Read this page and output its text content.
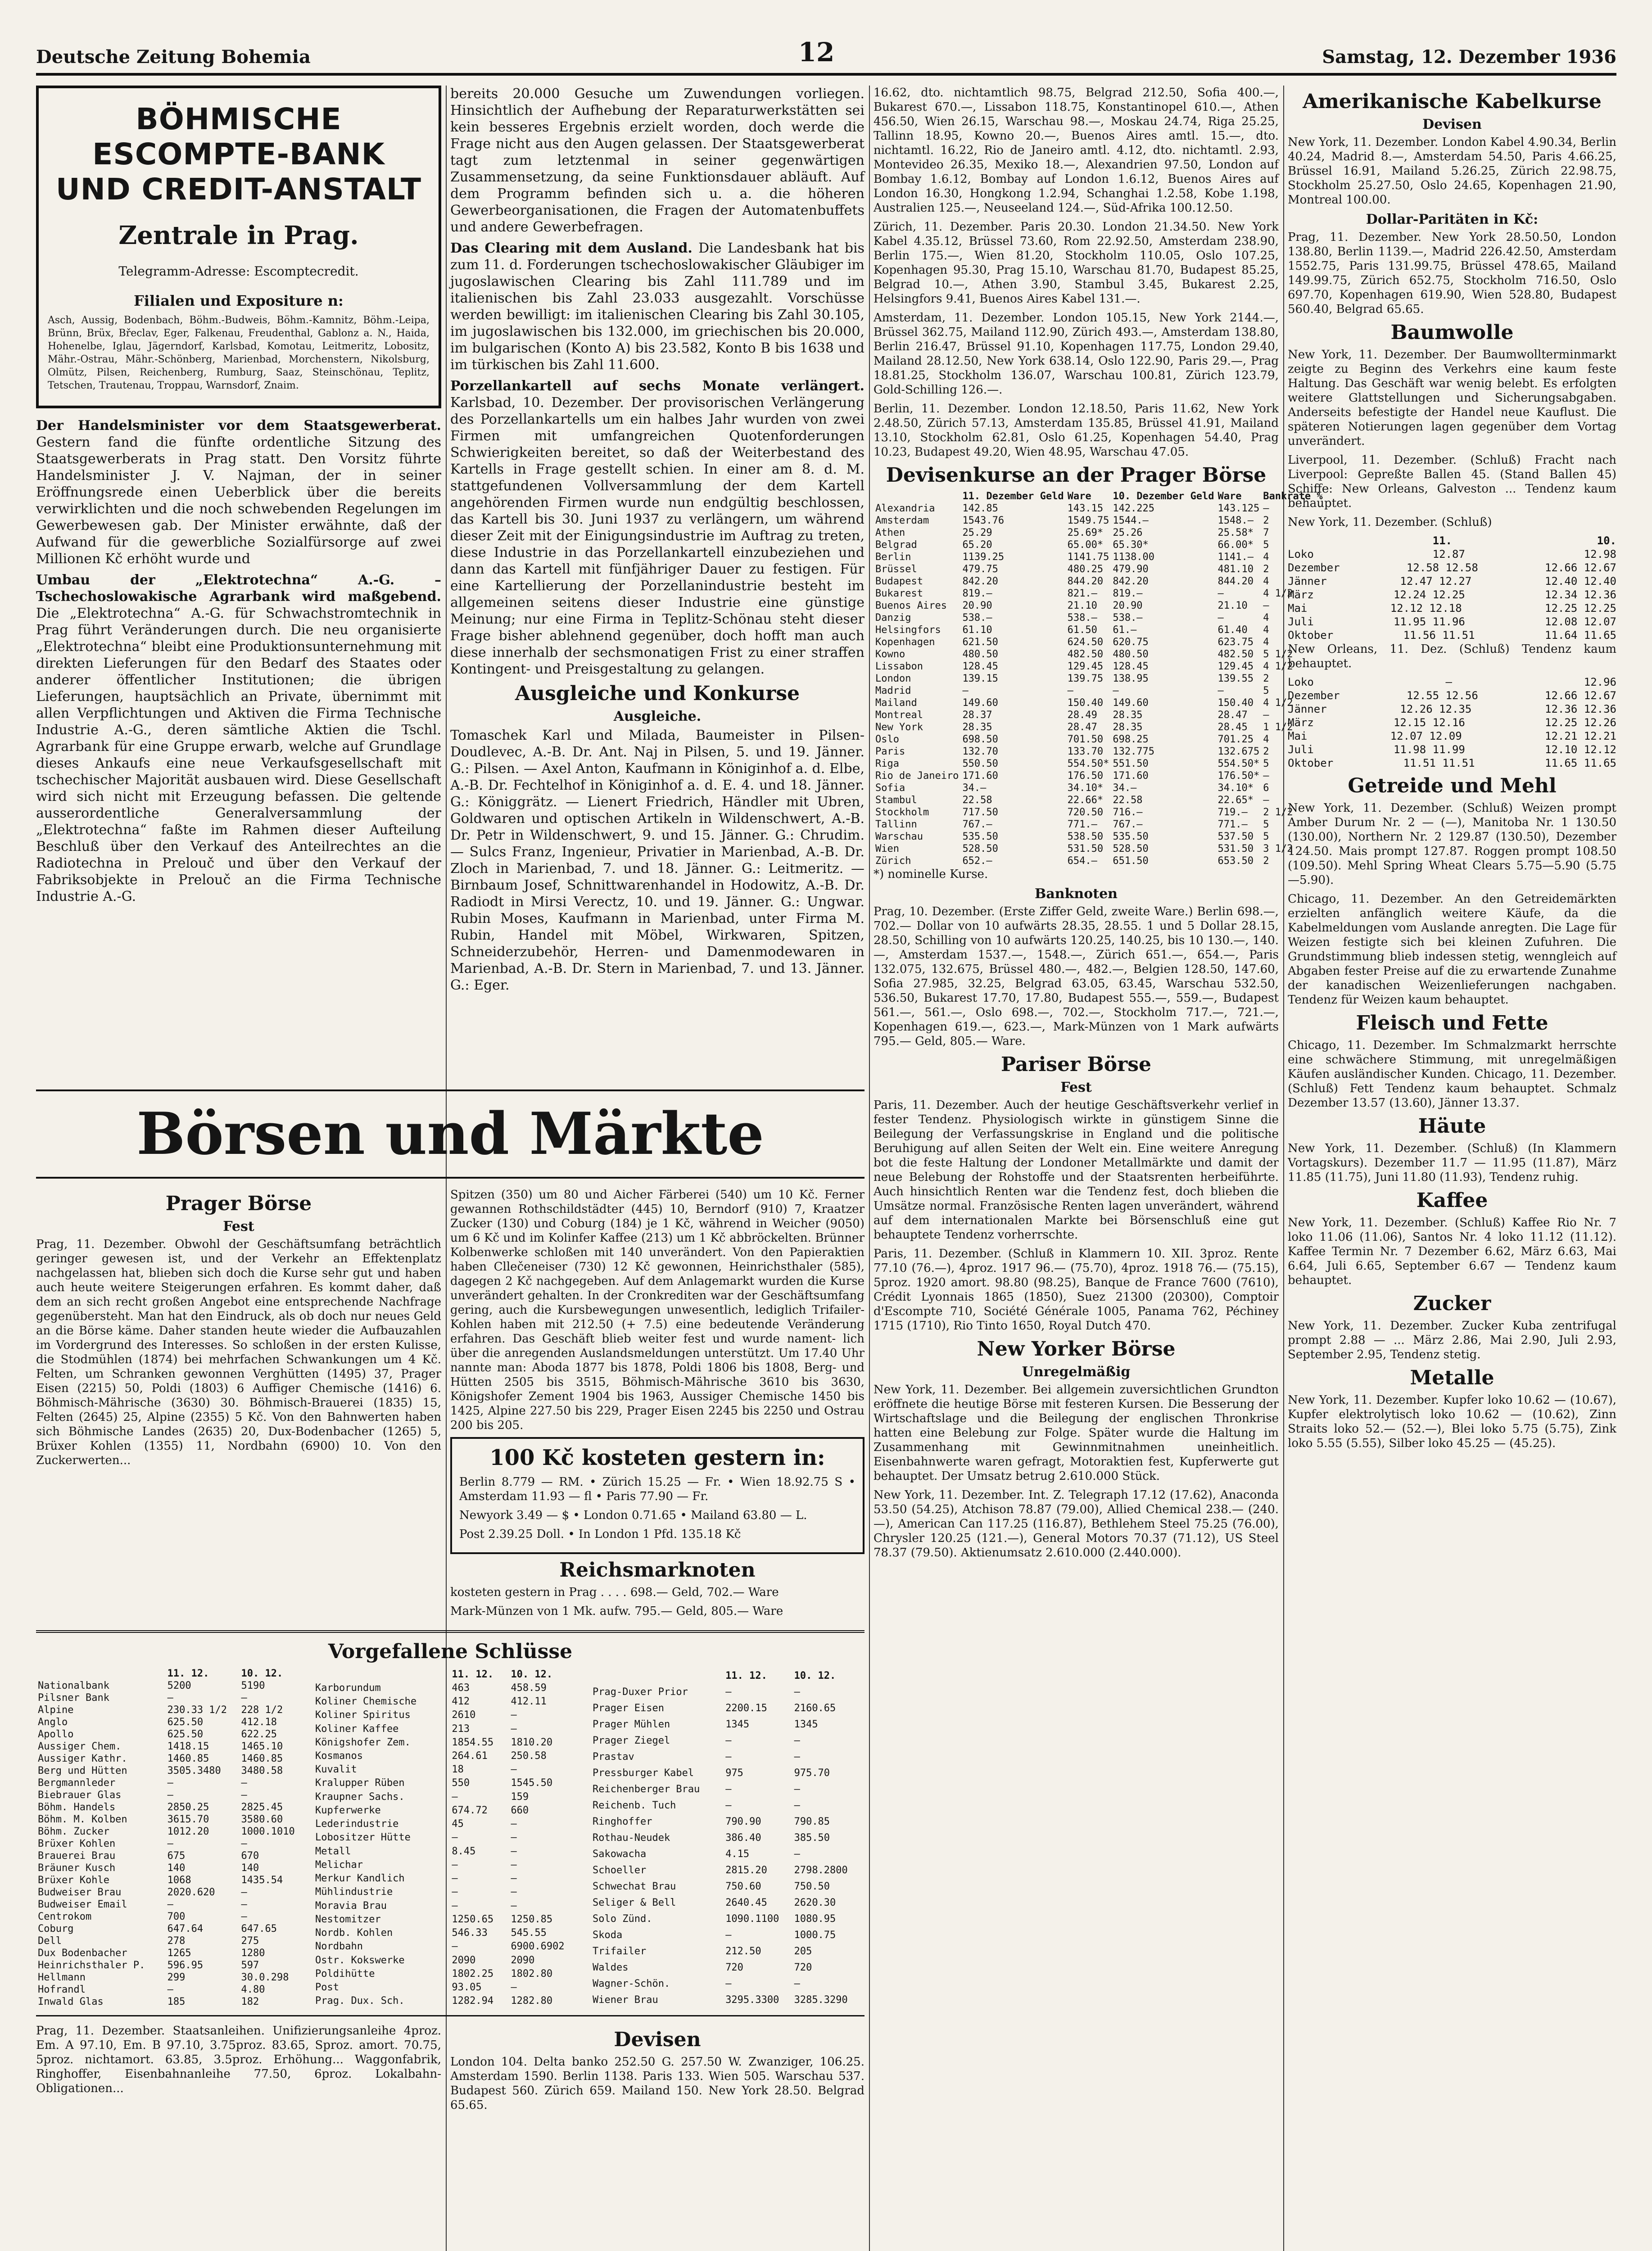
Deutsche Zeitung Bohemia	12	Samstag, 12. Dezember 1936
BÖHMISCHE ESCOMPTE-BANK
UND CREDIT-ANSTALT
Zentrale in Prag.
Telegramm-Adresse: Escomptecredit.
Filialen und Expositure n:
Asch, Aussig, Bodenbach, Böhm.-Budweis, Böhm.-Kamnitz, Böhm.-Leipa, Brünn, Brüx, Břeclav, Eger, Falkenau, Freudenthal, Gablonz a. N., Haida, Hohenelbe, Iglau, Jägerndorf, Karlsbad, Komotau, Leitmeritz, Lobositz, Mähr.-Ostrau, Mähr.-Schönberg, Marienbad, Morchenstern, Nikolsburg, Olmütz, Pilsen, Reichenberg, Rumburg, Saaz, Steinschönau, Teplitz, Tetschen, Trautenau, Troppau, Warnsdorf, Znaim.

Der Handelsminister vor dem Staatsgewerberat. Gestern fand die fünfte ordentliche Sitzung des Staatsgewerberats in Prag statt. Den Vorsitz führte Handelsminister J. V. Najman, der in seiner Eröffnungsrede einen Ueberblick über die bereits verwirklichten und die noch schwebenden Regelungen im Gewerbewesen gab. Der Minister erwähnte, daß der Aufwand für die gewerbliche Sozialfürsorge auf zwei Millionen Kč erhöht wurde und

Umbau der „Elektrotechna“ A.-G. – Tschechoslowakische Agrarbank wird maßgebend. Die „Elektrotechna“ A.-G. für Schwachstromtechnik in Prag führt Veränderungen durch. Die neu organisierte „Elektrotechna“ bleibt eine Produktionsunternehmung mit direkten Lieferungen für den Bedarf des Staates oder anderer öffentlicher Institutionen; die übrigen Lieferungen, hauptsächlich an Private, übernimmt mit allen Verpflichtungen und Aktiven die Firma Technische Industrie A.-G., deren sämtliche Aktien die Tschl. Agrarbank für eine Gruppe erwarb, welche auf Grundlage dieses Ankaufs eine neue Verkaufsgesellschaft mit tschechischer Majorität ausbauen wird. Diese Gesellschaft wird sich nicht mit Erzeugung befassen. Die geltende ausserordentliche Generalversammlung der „Elektrotechna“ faßte im Rahmen dieser Aufteilung Beschluß über den Verkauf des Anteilrechtes an die Radiotechna in Prelouč und über den Verkauf der Fabriksobjekte in Prelouč an die Firma Technische Industrie A.-G.

bereits 20.000 Gesuche um Zuwendungen vorliegen. Hinsichtlich der Aufhebung der Reparaturwerkstätten sei kein besseres Ergebnis erzielt worden, doch werde die Frage nicht aus den Augen gelassen. Der Staatsgewerberat tagt zum letztenmal in seiner gegenwärtigen Zusammensetzung, da seine Funktionsdauer abläuft. Auf dem Programm befinden sich u. a. die höheren Gewerbeorganisationen, die Fragen der Automatenbuffets und andere Gewerbefragen.

Das Clearing mit dem Ausland. Die Landesbank hat bis zum 11. d. Forderungen tschechoslowakischer Gläubiger im jugoslawischen Clearing bis Zahl 111.789 und im italienischen bis Zahl 23.033 ausgezahlt. Vorschüsse werden bewilligt: im italienischen Clearing bis Zahl 30.105, im jugoslawischen bis 132.000, im griechischen bis 20.000, im bulgarischen (Konto A) bis 23.582, Konto B bis 1638 und im türkischen bis Zahl 11.600.

Porzellankartell auf sechs Monate verlängert. Karlsbad, 10. Dezember. Der provisorischen Verlängerung des Porzellankartells um ein halbes Jahr wurden von zwei Firmen mit umfangreichen Quotenforderungen Schwierigkeiten bereitet, so daß der Weiterbestand des Kartells in Frage gestellt schien. In einer am 8. d. M. stattgefundenen Vollversammlung der dem Kartell angehörenden Firmen wurde nun endgültig beschlossen, das Kartell bis 30. Juni 1937 zu verlängern, um während dieser Zeit mit der Einigungsindustrie im Auftrag zu treten, diese Industrie in das Porzellankartell einzubeziehen und dann das Kartell mit fünfjähriger Dauer zu festigen. Für eine Kartellierung der Porzellanindustrie besteht im allgemeinen seitens dieser Industrie eine günstige Meinung; nur eine Firma in Teplitz-Schönau steht dieser Frage bisher ablehnend gegenüber, doch hofft man auch diese innerhalb der sechsmonatigen Frist zu einer straffen Kontingent- und Preisgestaltung zu gelangen.

Ausgleiche und Konkurse
Ausgleiche.

Tomaschek Karl und Milada, Baumeister in Pilsen-Doudlevec, A.-B. Dr. Ant. Naj in Pilsen, 5. und 19. Jänner. G.: Pilsen. — Axel Anton, Kaufmann in Königinhof a. d. Elbe, A.-B. Dr. Fechtelhof in Königinhof a. d. E. 4. und 18. Jänner. G.: Königgrätz. — Lienert Friedrich, Händler mit Ubren, Goldwaren und optischen Artikeln in Wildenschwert, A.-B. Dr. Petr in Wildenschwert, 9. und 15. Jänner. G.: Chrudim. — Sulcs Franz, Ingenieur, Privatier in Marienbad, A.-B. Dr. Zloch in Marienbad, 7. und 18. Jänner. G.: Leitmeritz. — Birnbaum Josef, Schnittwarenhandel in Hodowitz, A.-B. Dr. Radiodt in Mirsi Verectz, 10. und 19. Jänner. G.: Ungwar. Rubin Moses, Kaufmann in Marienbad, unter Firma M. Rubin, Handel mit Möbel, Wirkwaren, Spitzen, Schneiderzubehör, Herren- und Damenmodewaren in Marienbad, A.-B. Dr. Stern in Marienbad, 7. und 13. Jänner. G.: Eger.

Börsen und Märkte
Prager Börse
Fest

Prag, 11. Dezember. Obwohl der Geschäftsumfang beträchtlich geringer gewesen ist, und der Verkehr an Effektenplatz nachgelassen hat, blieben sich doch die Kurse sehr gut und haben auch heute weitere Steigerungen erfahren. Es kommt daher, daß dem an sich recht großen Angebot eine entsprechende Nachfrage gegenübersteht. Man hat den Eindruck, als ob doch nur neues Geld an die Börse käme. Daher standen heute wieder die Aufbauzahlen im Vordergrund des Interesses. So schloßen in der ersten Kulisse, die Stodmühlen (1874) bei mehrfachen Schwankungen um 4 Kč. Felten, um Schranken gewonnen Verghütten (1495) 37, Prager Eisen (2215) 50, Poldi (1803) 6 Auffiger Chemische (1416) 6. Böhmisch-Mährische (3630) 30. Böhmisch-Brauerei (1835) 15, Felten (2645) 25, Alpine (2355) 5 Kč. Von den Bahnwerten haben sich Böhmische Landes (2635) 20, Dux-Bodenbacher (1265) 5, Brüxer Kohlen (1355) 11, Nordbahn (6900) 10. Von den Zuckerwerten...

Spitzen (350) um 80 und Aicher Färberei (540) um 10 Kč. Ferner gewannen Rothschildstädter (445) 10, Berndorf (910) 7, Kraatzer Zucker (130) und Coburg (184) je 1 Kč, während in Weicher (9050) um 6 Kč und im Kolinfer Kaffee (213) um 1 Kč abbröckelten. Brünner Kolbenwerke schloßen mit 140 unverändert. Von den Papieraktien haben Cllečeneiser (730) 12 Kč gewonnen, Heinrichsthaler (585), dagegen 2 Kč nachgegeben. Auf dem Anlagemarkt wurden die Kurse unverändert gehalten. In der Cronkrediten war der Geschäftsumfang gering, auch die Kursbewegungen unwesentlich, lediglich Trifailer-Kohlen haben mit 212.50 (+ 7.5) eine bedeutende Veränderung erfahren. Das Geschäft blieb weiter fest und wurde nament- lich über die anregenden Auslandsmeldungen unterstützt. Um 17.40 Uhr nannte man: Aboda 1877 bis 1878, Poldi 1806 bis 1808, Berg- und Hütten 2505 bis 3515, Böhmisch-Mährische 3610 bis 3630, Königshofer Zement 1904 bis 1963, Aussiger Chemische 1450 bis 1425, Alpine 227.50 bis 229, Prager Eisen 2245 bis 2250 und Ostrau 200 bis 205.

100 Kč kosteten gestern in:

Berlin 8.779 — RM. • Zürich 15.25 — Fr. • Wien 18.92.75 S • Amsterdam 11.93 — fl • Paris 77.90 — Fr.

Newyork 3.49 — $ • London 0.71.65 • Mailand 63.80 — L.

Post 2.39.25 Doll. • In London 1 Pfd. 135.18 Kč

Reichsmarknoten

kosteten gestern in Prag . . . . 698.— Geld, 702.— Ware

Mark-Münzen von 1 Mk. aufw. 795.— Geld, 805.— Ware

Vorgefallene Schlüsse
	11. 12.	10. 12.
Nationalbank	5200	5190
Pilsner Bank	—	—
Alpine	230.33 1/2	228 1/2
Anglo	625.50	412.18
Apollo	625.50	622.25
Aussiger Chem.	1418.15	1465.10
Aussiger Kathr.	1460.85	1460.85
Berg und Hütten	3505.3480	3480.58
Bergmannleder	—	—
Biebrauer Glas	—	—
Böhm. Handels	2850.25	2825.45
Böhm. M. Kolben	3615.70	3580.60
Böhm. Zucker	1012.20	1000.1010
Brüxer Kohlen	—	—
Brauerei Brau	675	670
Bräuner Kusch	140	140
Brüxer Kohle	1068	1435.54
Budweiser Brau	2020.620	—
Budweiser Email	—	—
Centrokom	700	—
Coburg	647.64	647.65
Dell	278	275
Dux Bodenbacher	1265	1280
Heinrichsthaler P.	596.95	597
Hellmann	299	30.0.298
Hofrandl	—	4.80
Inwald Glas	185	182
	11. 12.	10. 12.
Karborundum	463	458.59
Koliner Chemische	412	412.11
Koliner Spiritus	2610	—
Koliner Kaffee	213	—
Königshofer Zem.	1854.55	1810.20
Kosmanos	264.61	250.58
Kuvalit	18	—
Kralupper Rüben	550	1545.50
Kraupner Sachs.	—	159
Kupferwerke	674.72	660
Lederindustrie	45	—
Lobositzer Hütte	—	—
Metall	8.45	—
Melichar	—	—
Merkur Kandlich	—	—
Mühlindustrie	—	—
Moravia Brau	—	—
Nestomitzer	1250.65	1250.85
Nordb. Kohlen	546.33	545.55
Nordbahn	—	6900.6902
Ostr. Kokswerke	2090	2090
Poldihütte	1802.25	1802.80
Post	93.05	—
Prag. Dux. Sch.	1282.94	1282.80
	11. 12.	10. 12.
Prag-Duxer Prior	—	—
Prager Eisen	2200.15	2160.65
Prager Mühlen	1345	1345
Prager Ziegel	—	—
Prastav	—	—
Pressburger Kabel	975	975.70
Reichenberger Brau	—	—
Reichenb. Tuch	—	—
Ringhoffer	790.90	790.85
Rothau-Neudek	386.40	385.50
Sakowacha	4.15	—
Schoeller	2815.20	2798.2800
Schwechat Brau	750.60	750.50
Seliger & Bell	2640.45	2620.30
Solo Zünd.	1090.1100	1080.95
Skoda	—	1000.75
Trifailer	212.50	205
Waldes	720	720
Wagner-Schön.	—	—
Wiener Brau	3295.3300	3285.3290

Prag, 11. Dezember. Staatsanleihen. Unifizierungsanleihe 4proz. Em. A 97.10, Em. B 97.10, 3.75proz. 83.65, Sproz. amort. 70.75, 5proz. nichtamort. 63.85, 3.5proz. Erhöhung... Waggonfabrik, Ringhoffer, Eisenbahnanleihe 77.50, 6proz. Lokalbahn-Obligationen...

Devisen

London 104. Delta banko 252.50 G. 257.50 W. Zwanziger, 106.25. Amsterdam 1590. Berlin 1138. Paris 133. Wien 505. Warschau 537. Budapest 560. Zürich 659. Mailand 150. New York 28.50. Belgrad 65.65.

16.62, dto. nichtamtlich 98.75, Belgrad 212.50, Sofia 400.—, Bukarest 670.—, Lissabon 118.75, Konstantinopel 610.—, Athen 456.50, Wien 26.15, Warschau 98.—, Moskau 24.74, Riga 25.25, Tallinn 18.95, Kowno 20.—, Buenos Aires amtl. 15.—, dto. nichtamtl. 16.22, Rio de Janeiro amtl. 4.12, dto. nichtamtl. 2.93, Montevideo 26.35, Mexiko 18.—, Alexandrien 97.50, London auf Bombay 1.6.12, Bombay auf London 1.6.12, Buenos Aires auf London 16.30, Hongkong 1.2.94, Schanghai 1.2.58, Kobe 1.198, Australien 125.—, Neuseeland 124.—, Süd-Afrika 100.12.50.

Zürich, 11. Dezember. Paris 20.30. London 21.34.50. New York Kabel 4.35.12, Brüssel 73.60, Rom 22.92.50, Amsterdam 238.90, Berlin 175.—, Wien 81.20, Stockholm 110.05, Oslo 107.25, Kopenhagen 95.30, Prag 15.10, Warschau 81.70, Budapest 85.25, Belgrad 10.—, Athen 3.90, Stambul 3.45, Bukarest 2.25, Helsingfors 9.41, Buenos Aires Kabel 131.—.

Amsterdam, 11. Dezember. London 105.15, New York 2144.—, Brüssel 362.75, Mailand 112.90, Zürich 493.—, Amsterdam 138.80, Berlin 216.47, Brüssel 91.10, Kopenhagen 117.75, London 29.40, Mailand 28.12.50, New York 638.14, Oslo 122.90, Paris 29.—, Prag 18.81.25, Stockholm 136.07, Warschau 100.81, Zürich 123.79, Gold-Schilling 126.—.

Berlin, 11. Dezember. London 12.18.50, Paris 11.62, New York 2.48.50, Zürich 57.13, Amsterdam 135.85, Brüssel 41.91, Mailand 13.10, Stockholm 62.81, Oslo 61.25, Kopenhagen 54.40, Prag 10.23, Budapest 49.20, Wien 48.95, Warschau 47.05.

Devisenkurse an der Prager Börse
	11. Dezember Geld	Ware	10. Dezember Geld	Ware	Bankrate %
Alexandria	142.85	143.15	142.225	143.125	—
Amsterdam	1543.76	1549.75	1544.—	1548.—	2
Athen	25.29	25.69*	25.26	25.58*	7
Belgrad	65.20	65.00*	65.30*	66.00*	5
Berlin	1139.25	1141.75	1138.00	1141.—	4
Brüssel	479.75	480.25	479.90	481.10	2
Budapest	842.20	844.20	842.20	844.20	4
Bukarest	819.—	821.—	819.—	—	4 1/2
Buenos Aires	20.90	21.10	20.90	21.10	—
Danzig	538.—	538.—	538.—	—	4
Helsingfors	61.10	61.50	61.—	61.40	4
Kopenhagen	621.50	624.50	620.75	623.75	4
Kowno	480.50	482.50	480.50	482.50	5 1/2
Lissabon	128.45	129.45	128.45	129.45	4 1/2
London	139.15	139.75	138.95	139.55	2
Madrid	—	—	—	—	5
Mailand	149.60	150.40	149.60	150.40	4 1/2
Montreal	28.37	28.49	28.35	28.47	—
New York	28.35	28.47	28.35	28.45	1 1/2
Oslo	698.50	701.50	698.25	701.25	4
Paris	132.70	133.70	132.775	132.675	2
Riga	550.50	554.50*	551.50	554.50*	5
Rio de Janeiro	171.60	176.50	171.60	176.50*	—
Sofia	34.—	34.10*	34.—	34.10*	6
Stambul	22.58	22.66*	22.58	22.65*	—
Stockholm	717.50	720.50	716.—	719.—	2 1/2
Tallinn	767.—	771.—	767.—	771.—	5
Warschau	535.50	538.50	535.50	537.50	5
Wien	528.50	531.50	528.50	531.50	3 1/2
Zürich	652.—	654.—	651.50	653.50	2

*) nominelle Kurse.

Banknoten

Prag, 10. Dezember. (Erste Ziffer Geld, zweite Ware.) Berlin 698.—, 702.— Dollar von 10 aufwärts 28.35, 28.55. 1 und 5 Dollar 28.15, 28.50, Schilling von 10 aufwärts 120.25, 140.25, bis 10 130.—, 140.—, Amsterdam 1537.—, 1548.—, Zürich 651.—, 654.—, Paris 132.075, 132.675, Brüssel 480.—, 482.—, Belgien 128.50, 147.60, Sofia 27.985, 32.25, Belgrad 63.05, 63.45, Warschau 532.50, 536.50, Bukarest 17.70, 17.80, Budapest 555.—, 559.—, Budapest 561.—, 561.—, Oslo 698.—, 702.—, Stockholm 717.—, 721.—, Kopenhagen 619.—, 623.—, Mark-Münzen von 1 Mark aufwärts 795.— Geld, 805.— Ware.

Pariser Börse
Fest

Paris, 11. Dezember. Auch der heutige Geschäftsverkehr verlief in fester Tendenz. Physiologisch wirkte in günstigem Sinne die Beilegung der Verfassungskrise in England und die politische Beruhigung auf allen Seiten der Welt ein. Eine weitere Anregung bot die feste Haltung der Londoner Metallmärkte und damit der neue Belebung der Rohstoffe und der Staatsrenten herbeiführte. Auch hinsichtlich Renten war die Tendenz fest, doch blieben die Umsätze normal. Französische Renten lagen unverändert, während auf dem internationalen Markte bei Börsenschluß eine gut behauptete Tendenz vorherrschte.

Paris, 11. Dezember. (Schluß in Klammern 10. XII. 3proz. Rente 77.10 (76.—), 4proz. 1917 96.— (75.70), 4proz. 1918 76.— (75.15), 5proz. 1920 amort. 98.80 (98.25), Banque de France 7600 (7610), Crédit Lyonnais 1865 (1850), Suez 21300 (20300), Comptoir d'Escompte 710, Société Générale 1005, Panama 762, Péchiney 1715 (1710), Rio Tinto 1650, Royal Dutch 470.

New Yorker Börse
Unregelmäßig

New York, 11. Dezember. Bei allgemein zuversichtlichen Grundton eröffnete die heutige Börse mit festeren Kursen. Die Besserung der Wirtschaftslage und die Beilegung der englischen Thronkrise hatten eine Belebung zur Folge. Später wurde die Haltung im Zusammenhang mit Gewinnmitnahmen uneinheitlich. Eisenbahnwerte waren gefragt, Motoraktien fest, Kupferwerte gut behauptet. Der Umsatz betrug 2.610.000 Stück.

New York, 11. Dezember. Int. Z. Telegraph 17.12 (17.62), Anaconda 53.50 (54.25), Atchison 78.87 (79.00), Allied Chemical 238.— (240.—), American Can 117.25 (116.87), Bethlehem Steel 75.25 (76.00), Chrysler 120.25 (121.—), General Motors 70.37 (71.12), US Steel 78.37 (79.50). Aktienumsatz 2.610.000 (2.440.000).

Amerikanische Kabelkurse
Devisen

New York, 11. Dezember. London Kabel 4.90.34, Berlin 40.24, Madrid 8.—, Amsterdam 54.50, Paris 4.66.25, Brüssel 16.91, Mailand 5.26.25, Zürich 22.98.75, Stockholm 25.27.50, Oslo 24.65, Kopenhagen 21.90, Montreal 100.00.

Dollar-Paritäten in Kč:

Prag, 11. Dezember. New York 28.50.50, London 138.80, Berlin 1139.—, Madrid 226.42.50, Amsterdam 1552.75, Paris 131.99.75, Brüssel 478.65, Mailand 149.99.75, Zürich 652.75, Stockholm 716.50, Oslo 697.70, Kopenhagen 619.90, Wien 528.80, Budapest 560.40, Belgrad 65.65.

Baumwolle

New York, 11. Dezember. Der Baumwollterminmarkt zeigte zu Beginn des Verkehrs eine kaum feste Haltung. Das Geschäft war wenig belebt. Es erfolgten weitere Glattstellungen und Sicherungsabgaben. Anderseits befestigte der Handel neue Kauflust. Die späteren Notierungen lagen gegenüber dem Vortag unverändert.

Liverpool, 11. Dezember. (Schluß) Fracht nach Liverpool: Gepreßte Ballen 45. (Stand Ballen 45) Schiffe: New Orleans, Galveston ... Tendenz kaum behauptet.

New York, 11. Dezember. (Schluß)

11.	10.
Loko	12.87	12.98
Dezember	12.58 12.58	12.66 12.67
Jänner	12.47 12.27	12.40 12.40
März	12.24 12.25	12.34 12.36
Mai	12.12 12.18	12.25 12.25
Juli	11.95 11.96	12.08 12.07
Oktober	11.56 11.51	11.64 11.65

New Orleans, 11. Dez. (Schluß) Tendenz kaum behauptet.

Loko	—	12.96
Dezember	12.55 12.56	12.66 12.67
Jänner	12.26 12.35	12.36 12.36
März	12.15 12.16	12.25 12.26
Mai	12.07 12.09	12.21 12.21
Juli	11.98 11.99	12.10 12.12
Oktober	11.51 11.51	11.65 11.65
Getreide und Mehl

New York, 11. Dezember. (Schluß) Weizen prompt Amber Durum Nr. 2 — (—), Manitoba Nr. 1 130.50 (130.00), Northern Nr. 2 129.87 (130.50), Dezember 124.50. Mais prompt 127.87. Roggen prompt 108.50 (109.50). Mehl Spring Wheat Clears 5.75—5.90 (5.75—5.90).

Chicago, 11. Dezember. An den Getreidemärkten erzielten anfänglich weitere Käufe, da die Kabelmeldungen vom Auslande anregten. Die Lage für Weizen festigte sich bei kleinen Zufuhren. Die Grundstimmung blieb indessen stetig, wenngleich auf Abgaben fester Preise auf die zu erwartende Zunahme der kanadischen Weizenlieferungen nachgaben. Tendenz für Weizen kaum behauptet.

Fleisch und Fette

Chicago, 11. Dezember. Im Schmalzmarkt herrschte eine schwächere Stimmung, mit unregelmäßigen Käufen ausländischer Kunden. Chicago, 11. Dezember. (Schluß) Fett Tendenz kaum behauptet. Schmalz Dezember 13.57 (13.60), Jänner 13.37.

Häute

New York, 11. Dezember. (Schluß) (In Klammern Vortagskurs). Dezember 11.7 — 11.95 (11.87), März 11.85 (11.75), Juni 11.80 (11.93), Tendenz ruhig.

Kaffee

New York, 11. Dezember. (Schluß) Kaffee Rio Nr. 7 loko 11.06 (11.06), Santos Nr. 4 loko 11.12 (11.12). Kaffee Termin Nr. 7 Dezember 6.62, März 6.63, Mai 6.64, Juli 6.65, September 6.67 — Tendenz kaum behauptet.

Zucker

New York, 11. Dezember. Zucker Kuba zentrifugal prompt 2.88 — ... März 2.86, Mai 2.90, Juli 2.93, September 2.95, Tendenz stetig.

Metalle

New York, 11. Dezember. Kupfer loko 10.62 — (10.67), Kupfer elektrolytisch loko 10.62 — (10.62), Zinn Straits loko 52.— (52.—), Blei loko 5.75 (5.75), Zink loko 5.55 (5.55), Silber loko 45.25 — (45.25).
